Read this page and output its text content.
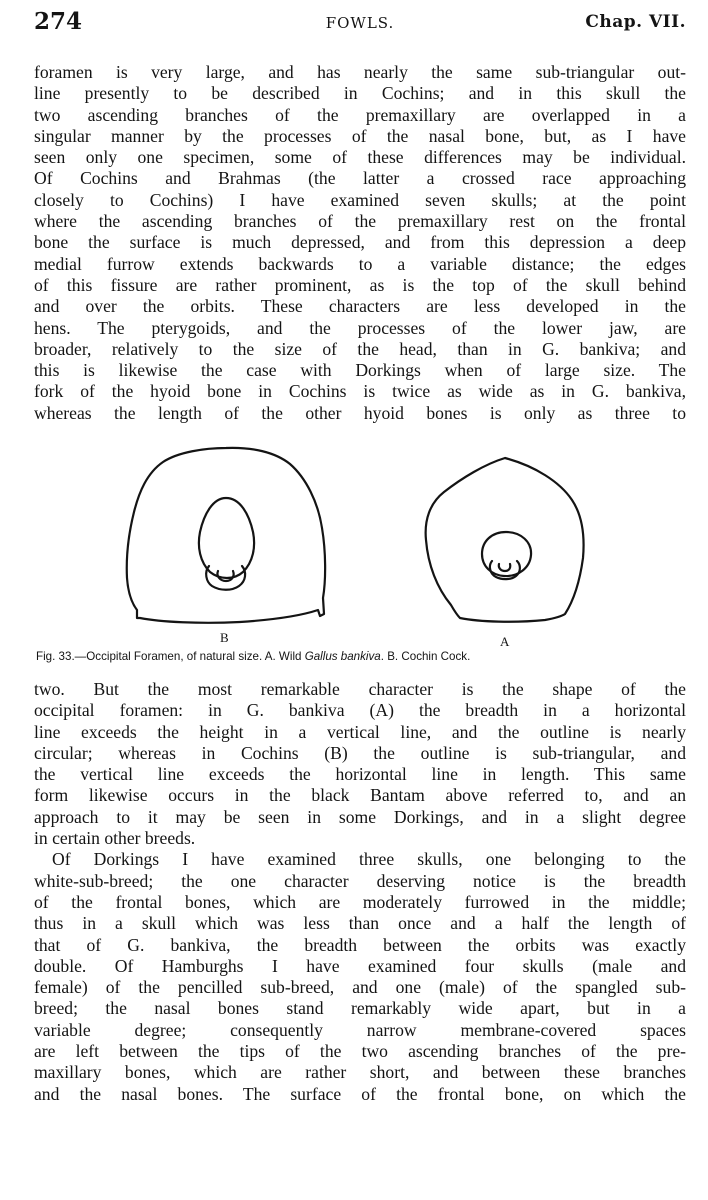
274	FOWLS.	Chap. VII.
foramen is very large, and has nearly the same sub-triangular out-
line presently to be described in Cochins; and in this skull the
two ascending branches of the premaxillary are overlapped in a
singular manner by the processes of the nasal bone, but, as I have
seen only one specimen, some of these differences may be individual.
Of Cochins and Brahmas (the latter a crossed race approaching
closely to Cochins) I have examined seven skulls; at the point
where the ascending branches of the premaxillary rest on the frontal
bone the surface is much depressed, and from this depression a deep
medial furrow extends backwards to a variable distance; the edges
of this fissure are rather prominent, as is the top of the skull behind
and over the orbits. These characters are less developed in the
hens. The pterygoids, and the processes of the lower jaw, are
broader, relatively to the size of the head, than in G. bankiva; and
this is likewise the case with Dorkings when of large size. The
fork of the hyoid bone in Cochins is twice as wide as in G. bankiva,
whereas the length of the other hyoid bones is only as three to
B	A
Fig. 33.—Occipital Foramen, of natural size. A. Wild Gallus bankiva. B. Cochin Cock.
two. But the most remarkable character is the shape of the
occipital foramen: in G. bankiva (A) the breadth in a horizontal
line exceeds the height in a vertical line, and the outline is nearly
circular; whereas in Cochins (B) the outline is sub-triangular, and
the vertical line exceeds the horizontal line in length. This same
form likewise occurs in the black Bantam above referred to, and an
approach to it may be seen in some Dorkings, and in a slight degree
in certain other breeds.
Of Dorkings I have examined three skulls, one belonging to the
white-sub-breed; the one character deserving notice is the breadth
of the frontal bones, which are moderately furrowed in the middle;
thus in a skull which was less than once and a half the length of
that of G. bankiva, the breadth between the orbits was exactly
double. Of Hamburghs I have examined four skulls (male and
female) of the pencilled sub-breed, and one (male) of the spangled sub-
breed; the nasal bones stand remarkably wide apart, but in a
variable degree; consequently narrow membrane-covered spaces
are left between the tips of the two ascending branches of the pre-
maxillary bones, which are rather short, and between these branches
and the nasal bones. The surface of the frontal bone, on which the
